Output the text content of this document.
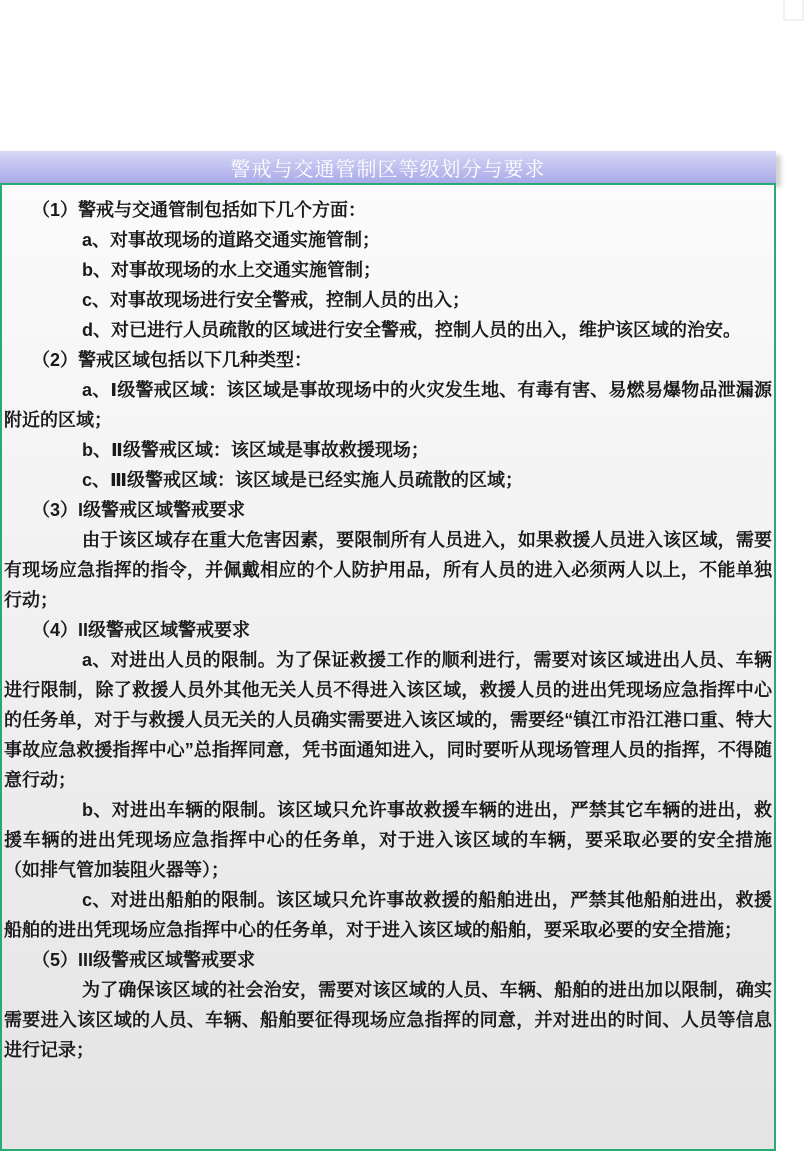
警戒与交通管制区等级划分与要求

（1）警戒与交通管制包括如下几个方面：

a、对事故现场的道路交通实施管制；

b、对事故现场的水上交通实施管制；

c、对事故现场进行安全警戒，控制人员的出入；

d、对已进行人员疏散的区域进行安全警戒，控制人员的出入，维护该区域的治安。

（2）警戒区域包括以下几种类型：

a、Ⅰ级警戒区域：该区域是事故现场中的火灾发生地、有毒有害、易燃易爆物品泄漏源附近的区域；

b、Ⅱ级警戒区域：该区域是事故救援现场；

c、Ⅲ级警戒区域：该区域是已经实施人员疏散的区域；

（3）I级警戒区域警戒要求

由于该区域存在重大危害因素，要限制所有人员进入，如果救援人员进入该区域，需要有现场应急指挥的指令，并佩戴相应的个人防护用品，所有人员的进入必须两人以上，不能单独行动；

（4）II级警戒区域警戒要求

a、对进出人员的限制。为了保证救援工作的顺利进行，需要对该区域进出人员、车辆进行限制，除了救援人员外其他无关人员不得进入该区域，救援人员的进出凭现场应急指挥中心的任务单，对于与救援人员无关的人员确实需要进入该区域的，需要经“镇江市沿江港口重、特大事故应急救援指挥中心”总指挥同意，凭书面通知进入，同时要听从现场管理人员的指挥，不得随意行动；

b、对进出车辆的限制。该区域只允许事故救援车辆的进出，严禁其它车辆的进出，救援车辆的进出凭现场应急指挥中心的任务单，对于进入该区域的车辆，要采取必要的安全措施（如排气管加装阻火器等）；

c、对进出船舶的限制。该区域只允许事故救援的船舶进出，严禁其他船舶进出，救援船舶的进出凭现场应急指挥中心的任务单，对于进入该区域的船舶，要采取必要的安全措施；

（5）III级警戒区域警戒要求

为了确保该区域的社会治安，需要对该区域的人员、车辆、船舶的进出加以限制，确实需要进入该区域的人员、车辆、船舶要征得现场应急指挥的同意，并对进出的时间、人员等信息进行记录；
